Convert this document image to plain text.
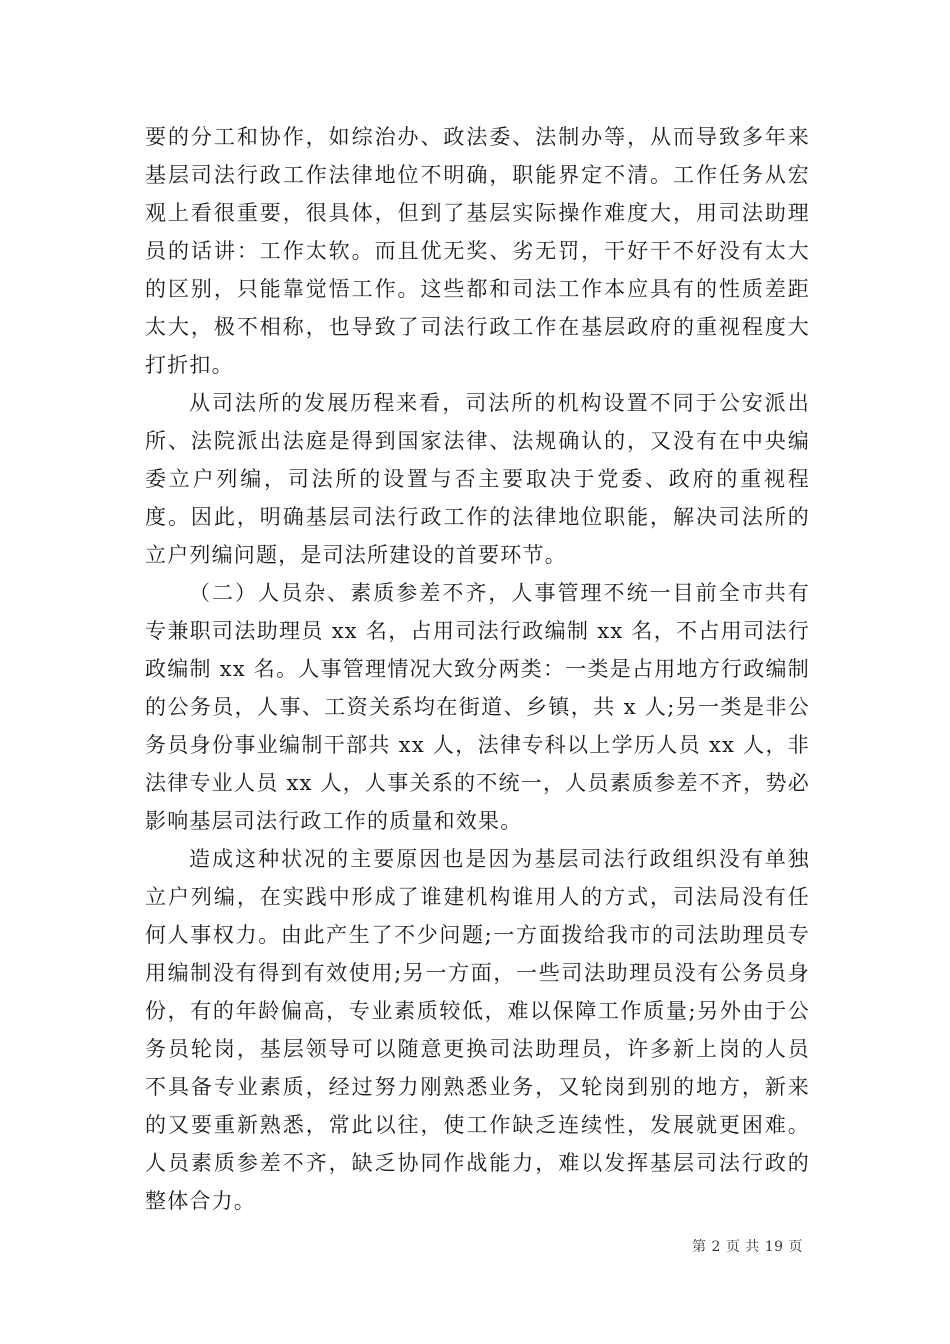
要的分工和协作，如综治办、政法委、法制办等，从而导致多年来基层司法行政工作法律地位不明确，职能界定不清。工作任务从宏观上看很重要，很具体，但到了基层实际操作难度大，用司法助理员的话讲：工作太软。而且优无奖、劣无罚，干好干不好没有太大的区别，只能靠觉悟工作。这些都和司法工作本应具有的性质差距太大，极不相称，也导致了司法行政工作在基层政府的重视程度大打折扣。

从司法所的发展历程来看，司法所的机构设置不同于公安派出所、法院派出法庭是得到国家法律、法规确认的，又没有在中央编委立户列编，司法所的设置与否主要取决于党委、政府的重视程度。因此，明确基层司法行政工作的法律地位职能，解决司法所的立户列编问题，是司法所建设的首要环节。

（二）人员杂、素质参差不齐，人事管理不统一目前全市共有专兼职司法助理员 xx 名，占用司法行政编制 xx 名，不占用司法行政编制 xx 名。人事管理情况大致分两类：一类是占用地方行政编制的公务员，人事、工资关系均在街道、乡镇，共 x 人;另一类是非公务员身份事业编制干部共 xx 人，法律专科以上学历人员 xx 人，非法律专业人员 xx 人，人事关系的不统一，人员素质参差不齐，势必影响基层司法行政工作的质量和效果。

造成这种状况的主要原因也是因为基层司法行政组织没有单独立户列编，在实践中形成了谁建机构谁用人的方式，司法局没有任何人事权力。由此产生了不少问题;一方面拨给我市的司法助理员专用编制没有得到有效使用;另一方面，一些司法助理员没有公务员身份，有的年龄偏高，专业素质较低，难以保障工作质量;另外由于公务员轮岗，基层领导可以随意更换司法助理员，许多新上岗的人员不具备专业素质，经过努力刚熟悉业务，又轮岗到别的地方，新来的又要重新熟悉，常此以往，使工作缺乏连续性，发展就更困难。人员素质参差不齐，缺乏协同作战能力，难以发挥基层司法行政的整体合力。

第 2 页 共 19 页
